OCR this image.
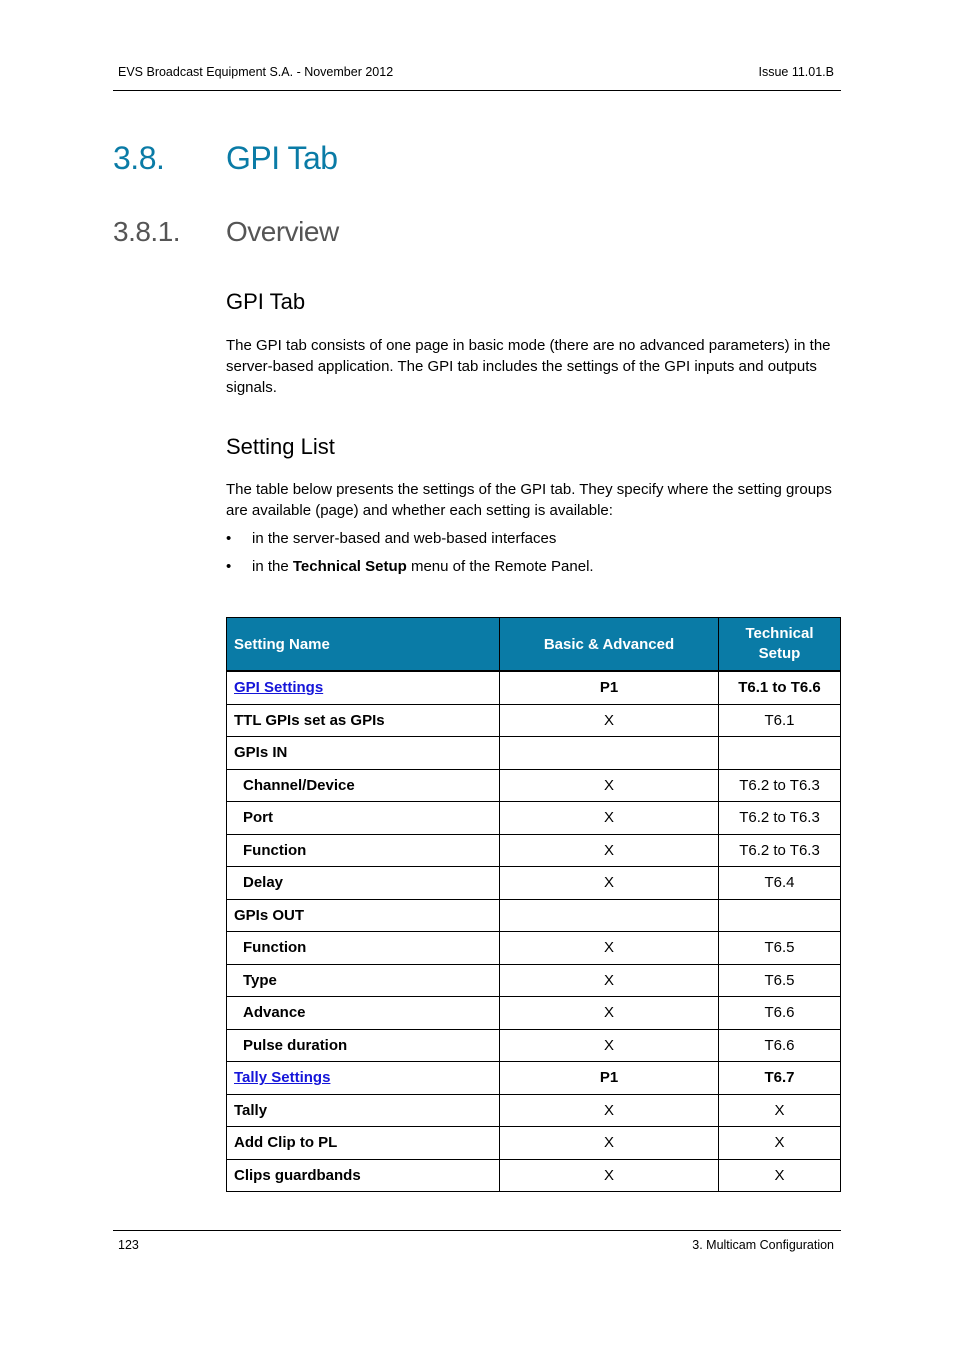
EVS Broadcast Equipment S.A. - November 2012	Issue 11.01.B
3.8. GPI Tab
3.8.1. Overview
GPI Tab
The GPI tab consists of one page in basic mode (there are no advanced parameters) in the server-based application. The GPI tab includes the settings of the GPI inputs and outputs signals.
Setting List
The table below presents the settings of the GPI tab. They specify where the setting groups are available (page) and whether each setting is available:
• in the server-based and web-based interfaces
• in the Technical Setup menu of the Remote Panel.
Setting Name	Basic & Advanced	Technical Setup
GPI Settings	P1	T6.1 to T6.6
TTL GPIs set as GPIs	X	T6.1
GPIs IN		
Channel/Device	X	T6.2 to T6.3
Port	X	T6.2 to T6.3
Function	X	T6.2 to T6.3
Delay	X	T6.4
GPIs OUT		
Function	X	T6.5
Type	X	T6.5
Advance	X	T6.6
Pulse duration	X	T6.6
Tally Settings	P1	T6.7
Tally	X	X
Add Clip to PL	X	X
Clips guardbands	X	X
123	3. Multicam Configuration
